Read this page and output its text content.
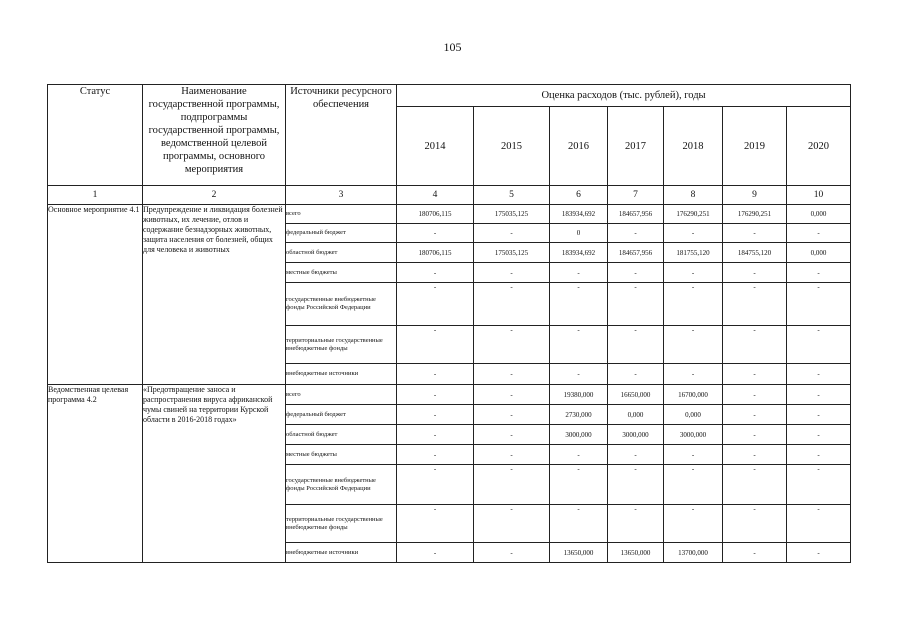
105
Статус	Наименование государственной программы, подпрограммы государственной программы, ведомственной целевой программы, основного мероприятия	Источники ресурсного обеспечения	Оценка расходов (тыс. рублей), годы						
			2014	2015	2016	2017	2018	2019	2020
1	2	3	4	5	6	7	8	9	10
Основное мероприятие 4.1	Предупреждение и ликвидация болезней животных, их лечение, отлов и содержание безнадзорных животных, защита населения от болезней, общих для человека и животных	всего	180706,115	175035,125	183934,692	184657,956	176290,251	176290,251	0,000
		федеральный бюджет	-	-	0	-	-	-	-
		областной бюджет	180706,115	175035,125	183934,692	184657,956	181755,120	184755,120	0,000
		местные бюджеты	-	-	-	-	-	-	-
		государственные внебюджетные фонды Российской Федерации	-	-	-	-	-	-	-
		территориальные государственные внебюджетные фонды	-	-	-	-	-	-	-
		внебюджетные источники	-	-	-	-	-	-	-
Ведомственная целевая программа 4.2	«Предотвращение заноса и распространения вируса африканской чумы свиней на территории Курской области в 2016-2018 годах»	всего	-	-	19380,000	16650,000	16700,000	-	-
		федеральный бюджет	-	-	2730,000	0,000	0,000	-	-
		областной бюджет	-	-	3000,000	3000,000	3000,000	-	-
		местные бюджеты	-	-	-	-	-	-	-
		государственные внебюджетные фонды Российской Федерации	-	-	-	-	-	-	-
		территориальные государственные внебюджетные фонды	-	-	-	-	-	-	-
		внебюджетные источники	-	-	13650,000	13650,000	13700,000	-	-
